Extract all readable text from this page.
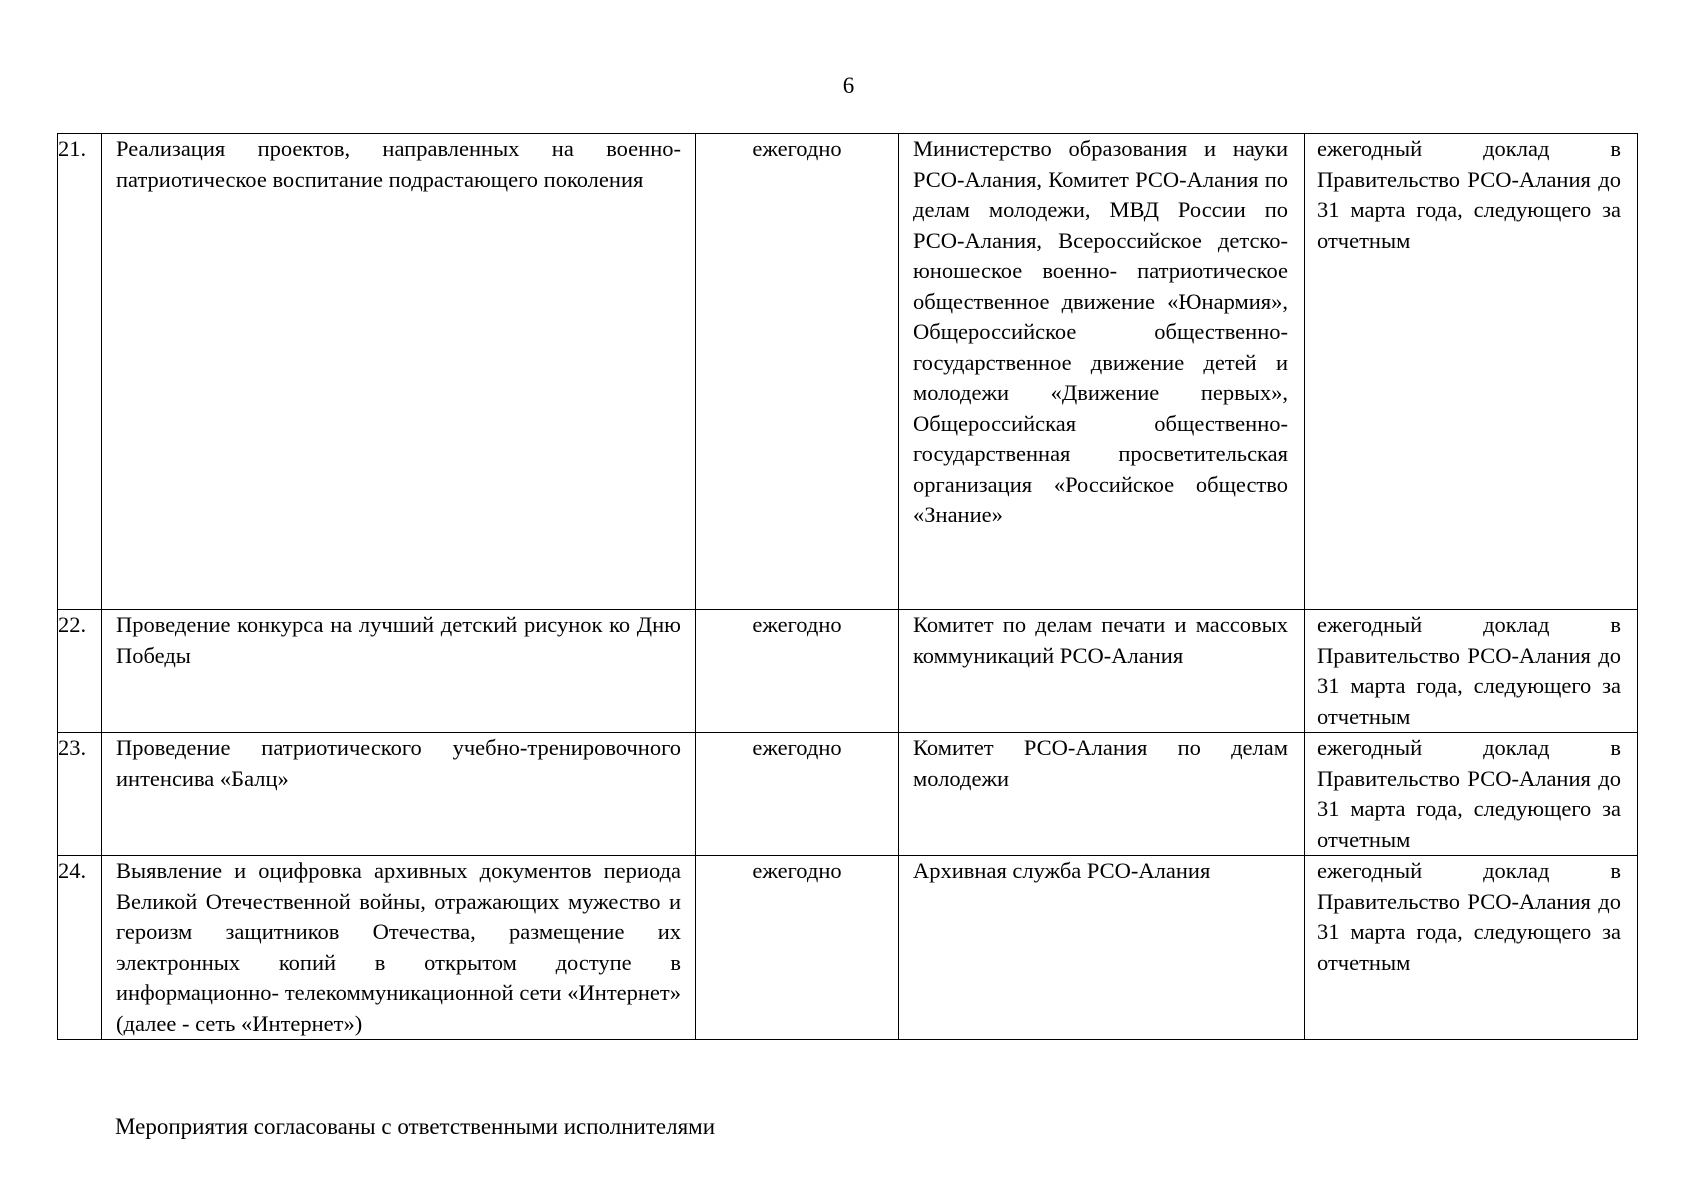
6
21.	Реализация проектов, направленных на военно-патриотическое воспитание подрастающего поколения	ежегодно	Министерство образования и науки РСО-Алания, Комитет РСО-Алания по делам молодежи, МВД России по РСО-Алания, Всероссийское детско- юношеское военно- патриотическое общественное движение «Юнармия», Общероссийское общественно- государственное движение детей и молодежи «Движение первых», Общероссийская общественно-государственная просветительская организация «Российское общество «Знание»	ежегодный доклад в Правительство РСО-Алания до 31 марта года, следующего за отчетным

22.	Проведение конкурса на лучший детский рисунок ко Дню Победы	ежегодно	Комитет по делам печати и массовых коммуникаций РСО-Алания	ежегодный доклад в Правительство РСО-Алания до 31 марта года, следующего за отчетным

23.	Проведение патриотического учебно-тренировочного интенсива «Балц»	ежегодно	Комитет РСО-Алания по делам молодежи	ежегодный доклад в Правительство РСО-Алания до 31 марта года, следующего за отчетным

24.	Выявление и оцифровка архивных документов периода Великой Отечественной войны, отражающих мужество и героизм защитников Отечества, размещение их электронных копий в открытом доступе в информационно- телекоммуникационной сети «Интернет» (далее - сеть «Интернет»)	ежегодно	Архивная служба РСО-Алания	ежегодный доклад в Правительство РСО-Алания до 31 марта года, следующего за отчетным
Мероприятия согласованы с ответственными исполнителями
